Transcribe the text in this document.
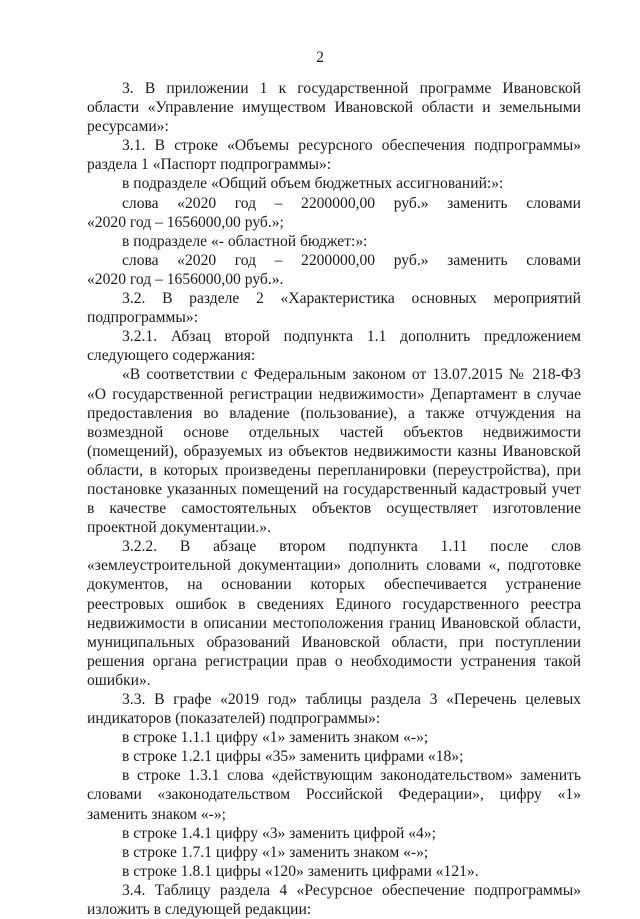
2
3. В приложении 1 к государственной программе Ивановской
области «Управление имуществом Ивановской области и земельными
ресурсами»:
3.1. В строке «Объемы ресурсного обеспечения подпрограммы»
раздела 1 «Паспорт подпрограммы»:
в подразделе «Общий объем бюджетных ассигнований:»:
слова «2020 год – 2200000,00 руб.» заменить словами
«2020 год – 1656000,00 руб.»;
в подразделе «- областной бюджет:»:
слова «2020 год – 2200000,00 руб.» заменить словами
«2020 год – 1656000,00 руб.».
3.2. В разделе 2 «Характеристика основных мероприятий
подпрограммы»:
3.2.1. Абзац второй подпункта 1.1 дополнить предложением
следующего содержания:
«В соответствии с Федеральным законом от 13.07.2015 № 218-ФЗ
«О государственной регистрации недвижимости» Департамент в случае
предоставления во владение (пользование), а также отчуждения на
возмездной основе отдельных частей объектов недвижимости
(помещений), образуемых из объектов недвижимости казны Ивановской
области, в которых произведены перепланировки (переустройства), при
постановке указанных помещений на государственный кадастровый учет
в качестве самостоятельных объектов осуществляет изготовление
проектной документации.».
3.2.2. В абзаце втором подпункта 1.11 после слов
«землеустроительной документации» дополнить словами «, подготовке
документов, на основании которых обеспечивается устранение
реестровых ошибок в сведениях Единого государственного реестра
недвижимости в описании местоположения границ Ивановской области,
муниципальных образований Ивановской области, при поступлении
решения органа регистрации прав о необходимости устранения такой
ошибки».
3.3. В графе «2019 год» таблицы раздела 3 «Перечень целевых
индикаторов (показателей) подпрограммы»:
в строке 1.1.1 цифру «1» заменить знаком «-»;
в строке 1.2.1 цифры «35» заменить цифрами «18»;
в строке 1.3.1 слова «действующим законодательством» заменить
словами «законодательством Российской Федерации», цифру «1»
заменить знаком «-»;
в строке 1.4.1 цифру «3» заменить цифрой «4»;
в строке 1.7.1 цифру «1» заменить знаком «-»;
в строке 1.8.1 цифры «120» заменить цифрами «121».
3.4. Таблицу раздела 4 «Ресурсное обеспечение подпрограммы»
изложить в следующей редакции:
